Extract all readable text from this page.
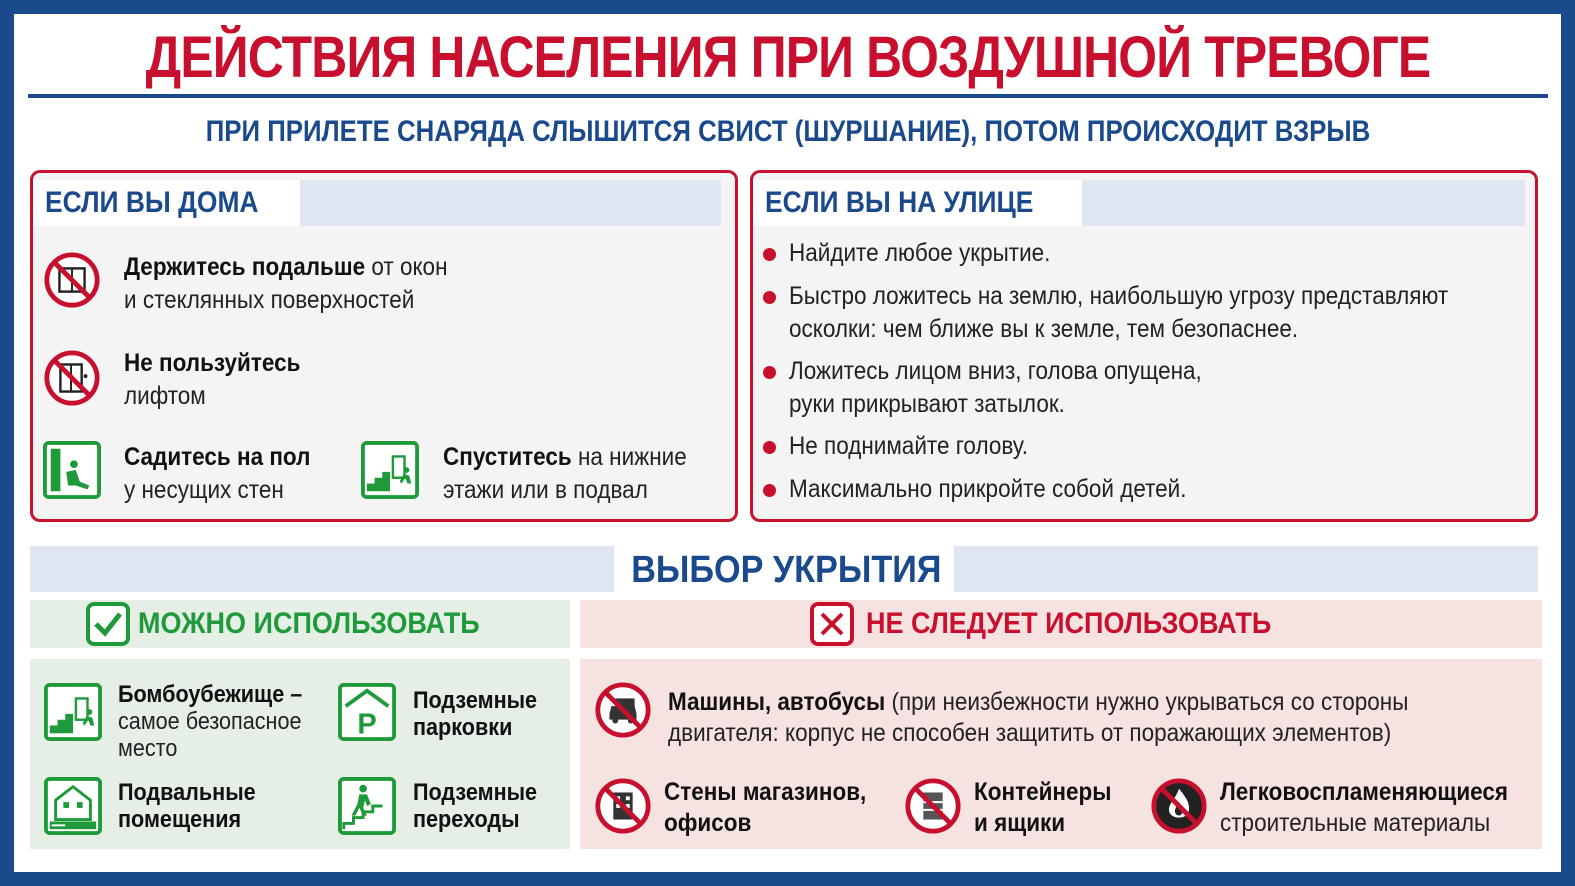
ДЕЙСТВИЯ НАСЕЛЕНИЯ ПРИ ВОЗДУШНОЙ ТРЕВОГЕ
ПРИ ПРИЛЕТЕ СНАРЯДА СЛЫШИТСЯ СВИСТ (ШУРШАНИЕ), ПОТОМ ПРОИСХОДИТ ВЗРЫВ
ЕСЛИ ВЫ ДОМА
Держитесь подальше от окон
и стеклянных поверхностей
Не пользуйтесь
лифтом
Садитесь на пол
у несущих стен
Спуститесь на нижние
этажи или в подвал
ЕСЛИ ВЫ НА УЛИЦЕ
Найдите любое укрытие.
Быстро ложитесь на землю, наибольшую угрозу представляют
осколки: чем ближе вы к земле, тем безопаснее.
Ложитесь лицом вниз, голова опущена,
руки прикрывают затылок.
Не поднимайте голову.
Максимально прикройте собой детей.
ВЫБОР УКРЫТИЯ
МОЖНО ИСПОЛЬЗОВАТЬ
Бомбоубежище –
самое безопасное
место
P
Подземные
парковки
Подвальные
помещения
Подземные
переходы
НЕ СЛЕДУЕТ ИСПОЛЬЗОВАТЬ
Машины, автобусы (при неизбежности нужно укрываться со стороны
двигателя: корпус не способен защитить от поражающих элементов)
Стены магазинов,
офисов
Контейнеры
и ящики
Легковоспламеняющиеся
строительные материалы
